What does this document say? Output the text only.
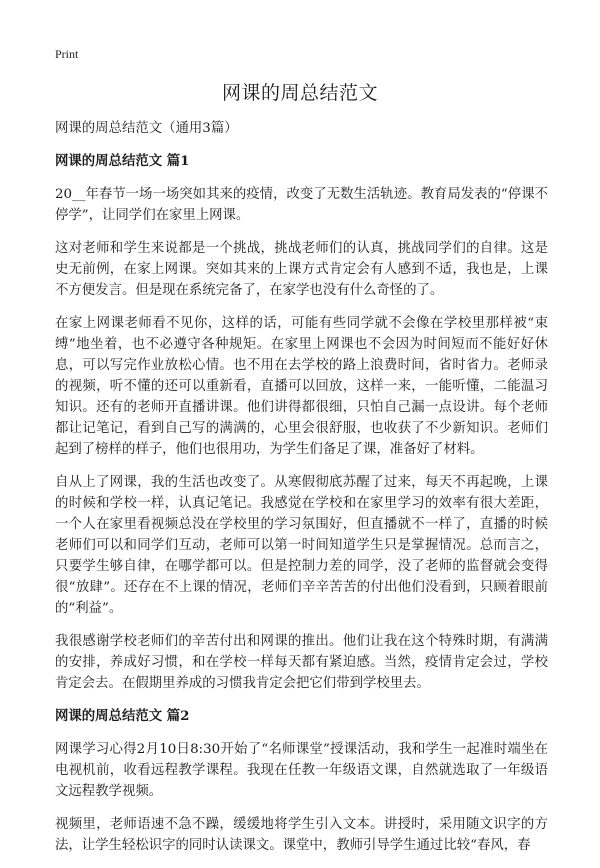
Print
网课的周总结范文

网课的周总结范文（通用3篇）

网课的周总结范文 篇1

20__年春节一场一场突如其来的疫情，改变了无数生活轨迹。教育局发表的“停课不停学”，让同学们在家里上网课。

这对老师和学生来说都是一个挑战，挑战老师们的认真，挑战同学们的自律。这是史无前例，在家上网课。突如其来的上课方式肯定会有人感到不适，我也是，上课不方便发言。但是现在系统完备了，在家学也没有什么奇怪的了。

在家上网课老师看不见你，这样的话，可能有些同学就不会像在学校里那样被“束缚”地坐着，也不必遵守各种规矩。在家里上网课也不会因为时间短而不能好好休息，可以写完作业放松心情。也不用在去学校的路上浪费时间，省时省力。老师录的视频，听不懂的还可以重新看，直播可以回放，这样一来，一能听懂，二能温习知识。还有的老师开直播讲课。他们讲得都很细，只怕自己漏一点设讲。每个老师都让记笔记，看到自己写的满满的，心里会很舒服，也收获了不少新知识。老师们起到了榜样的样子，他们也很用功，为学生们备足了课，准备好了材料。

自从上了网课，我的生活也改变了。从寒假彻底苏醒了过来，每天不再起晚，上课的时候和学校一样，认真记笔记。我感觉在学校和在家里学习的效率有很大差距，一个人在家里看视频总没在学校里的学习氛围好，但直播就不一样了，直播的时候老师们可以和同学们互动，老师可以第一时间知道学生只是掌握情况。总而言之，只要学生够自律，在哪学都可以。但是控制力差的同学，没了老师的监督就会变得很“放肆”。还存在不上课的情况，老师们辛辛苦苦的付出他们没看到，只顾着眼前的“利益”。

我很感谢学校老师们的辛苦付出和网课的推出。他们让我在这个特殊时期，有满满的安排，养成好习惯，和在学校一样每天都有紧迫感。当然，疫情肯定会过，学校肯定会去。在假期里养成的习惯我肯定会把它们带到学校里去。

网课的周总结范文 篇2

网课学习心得2月10日8:30开始了“名师课堂”授课活动，我和学生一起准时端坐在电视机前，收看远程教学课程。我现在任教一年级语文课，自然就选取了一年级语文远程教学视频。

视频里，老师语速不急不躁，缓缓地将学生引入文本。讲授时，采用随文识字的方法，让学生轻松识字的同时认读课文。课堂中，教师引导学生通过比较“春风，春
